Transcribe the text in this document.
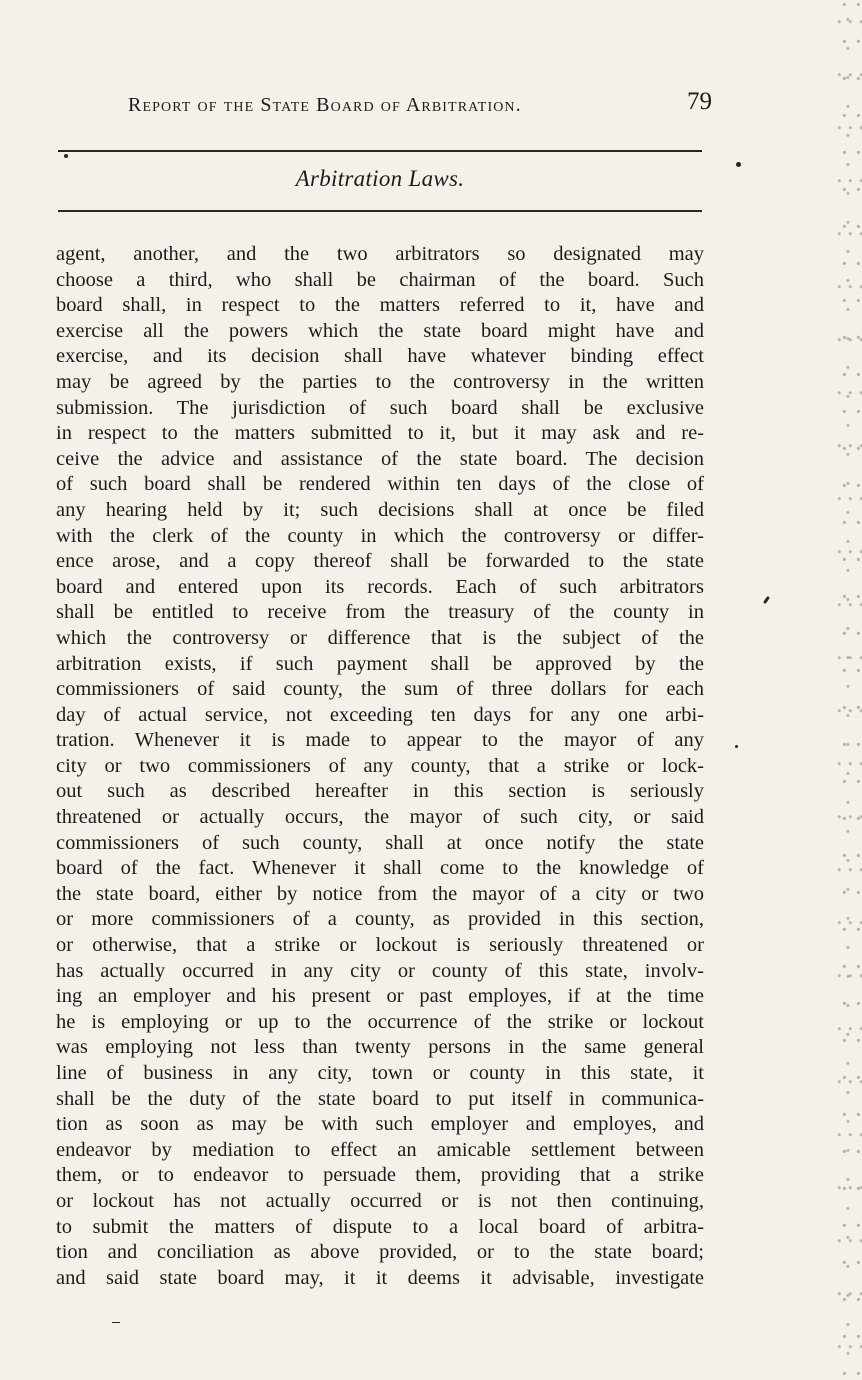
Report of the State Board of Arbitration.	79
Arbitration Laws.
agent, another, and the two arbitrators so designated may
choose a third, who shall be chairman of the board. Such
board shall, in respect to the matters referred to it, have and
exercise all the powers which the state board might have and
exercise, and its decision shall have whatever binding effect
may be agreed by the parties to the controversy in the written
submission. The jurisdiction of such board shall be exclusive
in respect to the matters submitted to it, but it may ask and re-
ceive the advice and assistance of the state board. The decision
of such board shall be rendered within ten days of the close of
any hearing held by it; such decisions shall at once be filed
with the clerk of the county in which the controversy or differ-
ence arose, and a copy thereof shall be forwarded to the state
board and entered upon its records. Each of such arbitrators
shall be entitled to receive from the treasury of the county in
which the controversy or difference that is the subject of the
arbitration exists, if such payment shall be approved by the
commissioners of said county, the sum of three dollars for each
day of actual service, not exceeding ten days for any one arbi-
tration. Whenever it is made to appear to the mayor of any
city or two commissioners of any county, that a strike or lock-
out such as described hereafter in this section is seriously
threatened or actually occurs, the mayor of such city, or said
commissioners of such county, shall at once notify the state
board of the fact. Whenever it shall come to the knowledge of
the state board, either by notice from the mayor of a city or two
or more commissioners of a county, as provided in this section,
or otherwise, that a strike or lockout is seriously threatened or
has actually occurred in any city or county of this state, involv-
ing an employer and his present or past employes, if at the time
he is employing or up to the occurrence of the strike or lockout
was employing not less than twenty persons in the same general
line of business in any city, town or county in this state, it
shall be the duty of the state board to put itself in communica-
tion as soon as may be with such employer and employes, and
endeavor by mediation to effect an amicable settlement between
them, or to endeavor to persuade them, providing that a strike
or lockout has not actually occurred or is not then continuing,
to submit the matters of dispute to a local board of arbitra-
tion and conciliation as above provided, or to the state board;
and said state board may, it it deems it advisable, investigate
